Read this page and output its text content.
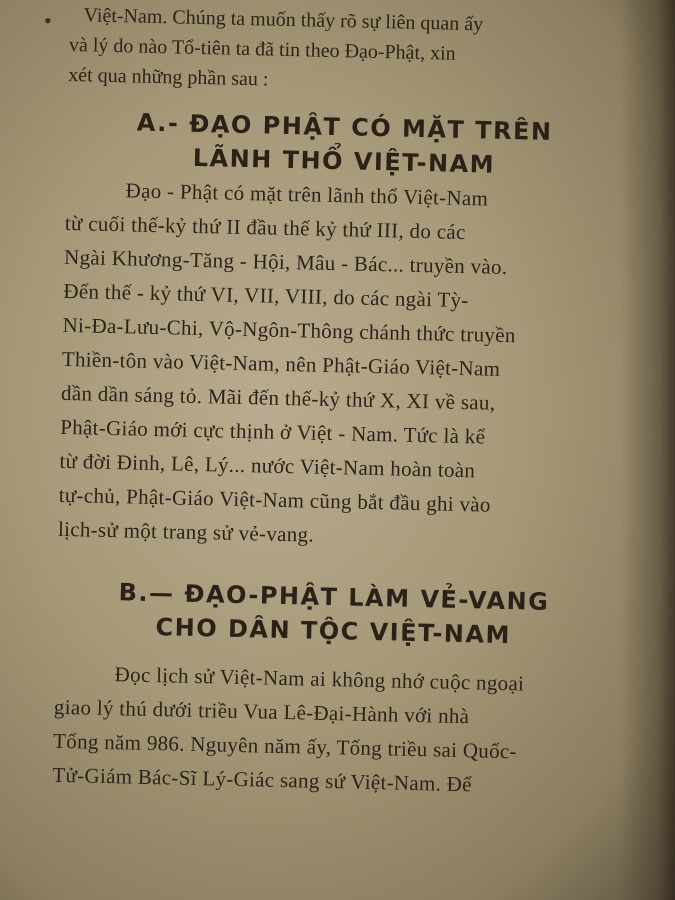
• Việt-Nam. Chúng ta muốn thấy rõ sự liên quan ấy
và lý do nào Tổ-tiên ta đã tin theo Đạo-Phật, xin
xét qua những phần sau :
A.- ĐẠO PHẬT CÓ MẶT TRÊN
LÃNH THỔ VIỆT-NAM
Đạo - Phật có mặt trên lãnh thổ Việt-Nam
từ cuối thế-kỷ thứ II đầu thế kỷ thứ III, do các
Ngài Khương-Tăng - Hội, Mâu - Bác... truyền vào.
Đến thế - kỷ thứ VI, VII, VIII, do các ngài Tỳ-
Ni-Đa-Lưu-Chi, Vộ-Ngôn-Thông chánh thức truyền
Thiền-tôn vào Việt-Nam, nên Phật-Giáo Việt-Nam
dần dần sáng tỏ. Mãi đến thế-kỷ thứ X, XI về sau,
Phật-Giáo mới cực thịnh ở Việt - Nam. Tức là kể
từ đời Đinh, Lê, Lý... nước Việt-Nam hoàn toàn
tự-chủ, Phật-Giáo Việt-Nam cũng bắt đầu ghi vào
lịch-sử một trang sử vẻ-vang.
B.— ĐẠO-PHẬT LÀM VẺ-VANG
CHO DÂN TỘC VIỆT-NAM
Đọc lịch sử Việt-Nam ai không nhớ cuộc ngoại
giao lý thú dưới triều Vua Lê-Đại-Hành với nhà
Tống năm 986. Nguyên năm ấy, Tống triều sai Quốc-
Tử-Giám Bác-Sĩ Lý-Giác sang sứ Việt-Nam. Để
